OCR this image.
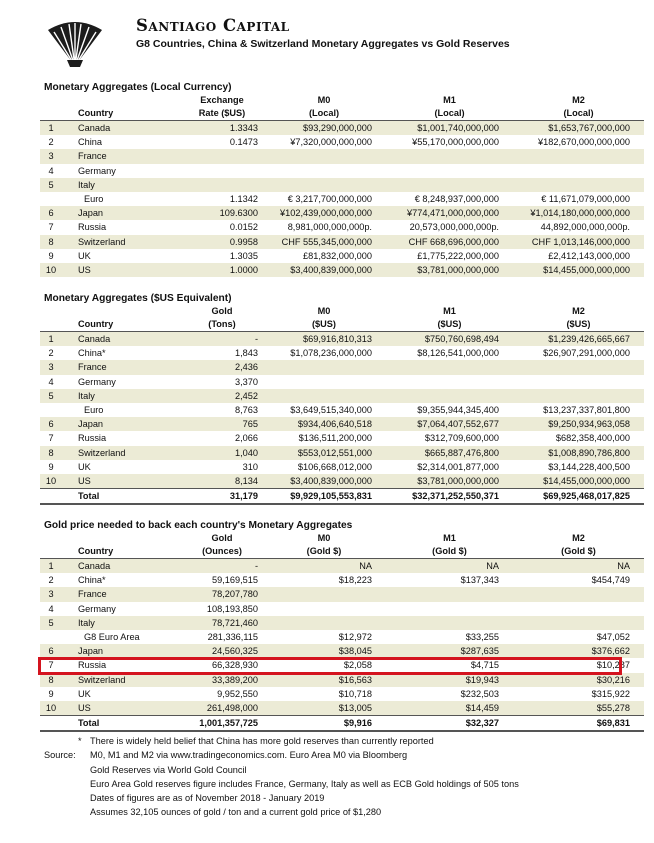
Santiago Capital
G8 Countries, China & Switzerland Monetary Aggregates vs Gold Reserves
Monetary Aggregates (Local Currency)
		Exchange	M0	M1	M2
	Country	Rate ($US)	(Local)	(Local)	(Local)
1	Canada	1.3343	$93,290,000,000	$1,001,740,000,000	$1,653,767,000,000
2	China	0.1473	¥7,320,000,000,000	¥55,170,000,000,000	¥182,670,000,000,000
3	France				
4	Germany				
5	Italy				
	Euro	1.1342	€ 3,217,700,000,000	€ 8,248,937,000,000	€ 11,671,079,000,000
6	Japan	109.6300	¥102,439,000,000,000	¥774,471,000,000,000	¥1,014,180,000,000,000
7	Russia	0.0152	8,981,000,000,000p.	20,573,000,000,000p.	44,892,000,000,000p.
8	Switzerland	0.9958	CHF 555,345,000,000	CHF 668,696,000,000	CHF 1,013,146,000,000
9	UK	1.3035	£81,832,000,000	£1,775,222,000,000	£2,412,143,000,000
10	US	1.0000	$3,400,839,000,000	$3,781,000,000,000	$14,455,000,000,000
Monetary Aggregates ($US Equivalent)
		Gold	M0	M1	M2
	Country	(Tons)	($US)	($US)	($US)
1	Canada	-	$69,916,810,313	$750,760,698,494	$1,239,426,665,667
2	China*	1,843	$1,078,236,000,000	$8,126,541,000,000	$26,907,291,000,000
3	France	2,436			
4	Germany	3,370			
5	Italy	2,452			
	Euro	8,763	$3,649,515,340,000	$9,355,944,345,400	$13,237,337,801,800
6	Japan	765	$934,406,640,518	$7,064,407,552,677	$9,250,934,963,058
7	Russia	2,066	$136,511,200,000	$312,709,600,000	$682,358,400,000
8	Switzerland	1,040	$553,012,551,000	$665,887,476,800	$1,008,890,786,800
9	UK	310	$106,668,012,000	$2,314,001,877,000	$3,144,228,400,500
10	US	8,134	$3,400,839,000,000	$3,781,000,000,000	$14,455,000,000,000
	Total	31,179	$9,929,105,553,831	$32,371,252,550,371	$69,925,468,017,825
Gold price needed to back each country's Monetary Aggregates
		Gold	M0	M1	M2
	Country	(Ounces)	(Gold $)	(Gold $)	(Gold $)
1	Canada	-	NA	NA	NA
2	China*	59,169,515	$18,223	$137,343	$454,749
3	France	78,207,780			
4	Germany	108,193,850			
5	Italy	78,721,460			
	G8 Euro Area	281,336,115	$12,972	$33,255	$47,052
6	Japan	24,560,325	$38,045	$287,635	$376,662
7	Russia	66,328,930	$2,058	$4,715	$10,287
8	Switzerland	33,389,200	$16,563	$19,943	$30,216
9	UK	9,952,550	$10,718	$232,503	$315,922
10	US	261,498,000	$13,005	$14,459	$55,278
	Total	1,001,357,725	$9,916	$32,327	$69,831
* There is widely held belief that China has more gold reserves than currently reported
Source: M0, M1 and M2 via www.tradingeconomics.com. Euro Area M0 via Bloomberg
Gold Reserves via World Gold Council
Euro Area Gold reserves figure includes France, Germany, Italy as well as ECB Gold holdings of 505 tons
Dates of figures are as of November 2018 - January 2019
Assumes 32,105 ounces of gold / ton and a current gold price of $1,280
